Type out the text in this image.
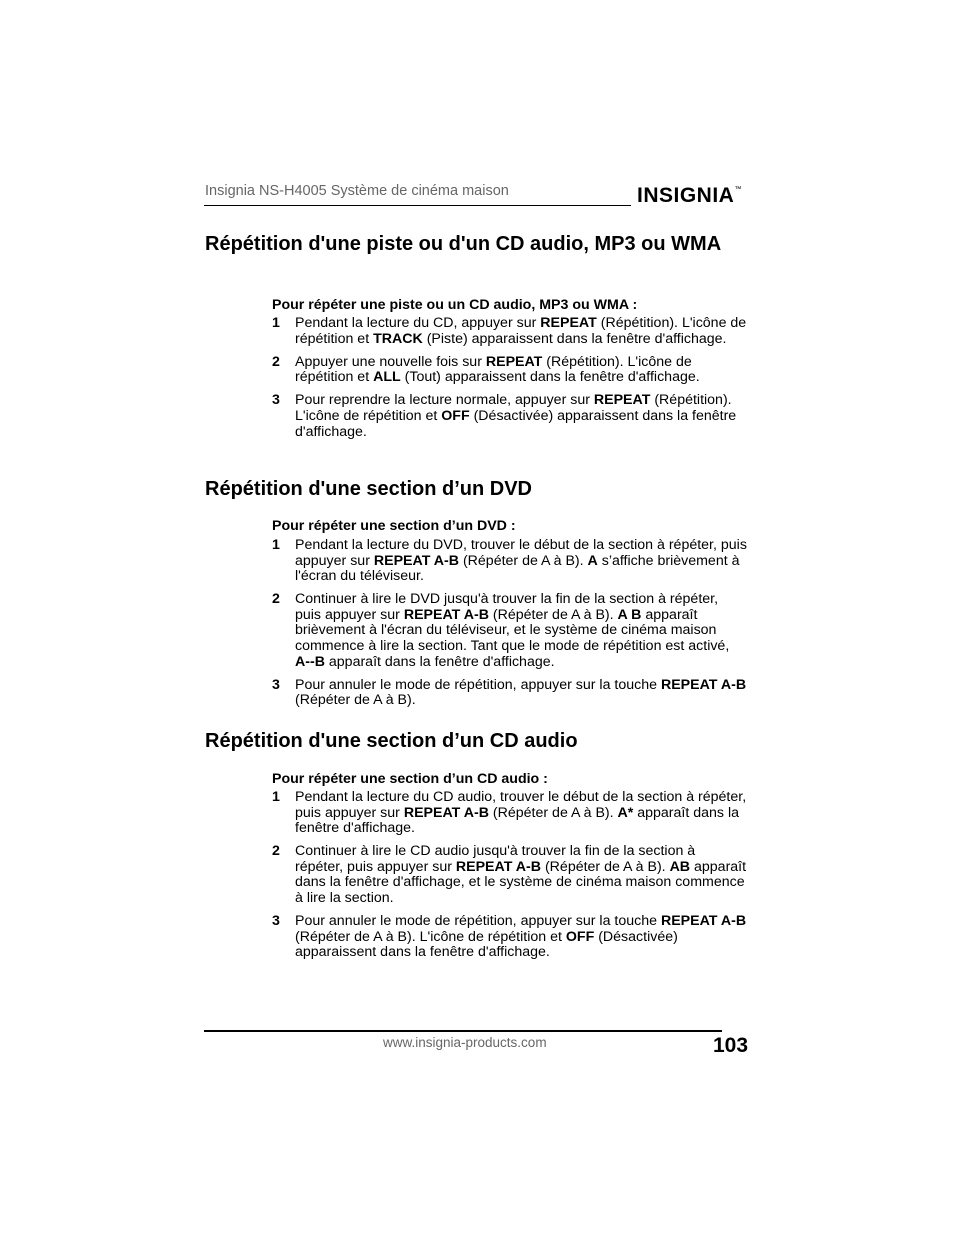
Insignia NS-H4005 Système de cinéma maison	INSIGNIA™
Répétition d'une piste ou d'un CD audio, MP3 ou WMA
Pour répéter une piste ou un CD audio, MP3 ou WMA :
1 Pendant la lecture du CD, appuyer sur REPEAT (Répétition). L'icône de répétition et TRACK (Piste) apparaissent dans la fenêtre d'affichage.
2 Appuyer une nouvelle fois sur REPEAT (Répétition). L'icône de répétition et ALL (Tout) apparaissent dans la fenêtre d'affichage.
3 Pour reprendre la lecture normale, appuyer sur REPEAT (Répétition). L'icône de répétition et OFF (Désactivée) apparaissent dans la fenêtre d'affichage.
Répétition d'une section d’un DVD
Pour répéter une section d’un DVD :
1 Pendant la lecture du DVD, trouver le début de la section à répéter, puis appuyer sur REPEAT A-B (Répéter de A à B). A s’affiche brièvement à l'écran du téléviseur.
2 Continuer à lire le DVD jusqu'à trouver la fin de la section à répéter, puis appuyer sur REPEAT A-B (Répéter de A à B). A B apparaît brièvement à l'écran du téléviseur, et le système de cinéma maison commence à lire la section. Tant que le mode de répétition est activé, A--B apparaît dans la fenêtre d'affichage.
3 Pour annuler le mode de répétition, appuyer sur la touche REPEAT A-B (Répéter de A à B).
Répétition d'une section d’un CD audio
Pour répéter une section d’un CD audio :
1 Pendant la lecture du CD audio, trouver le début de la section à répéter, puis appuyer sur REPEAT A-B (Répéter de A à B). A* apparaît dans la fenêtre d'affichage.
2 Continuer à lire le CD audio jusqu'à trouver la fin de la section à répéter, puis appuyer sur REPEAT A-B (Répéter de A à B). AB apparaît dans la fenêtre d'affichage, et le système de cinéma maison commence à lire la section.
3 Pour annuler le mode de répétition, appuyer sur la touche REPEAT A-B (Répéter de A à B). L'icône de répétition et OFF (Désactivée) apparaissent dans la fenêtre d'affichage.
www.insignia-products.com	103
